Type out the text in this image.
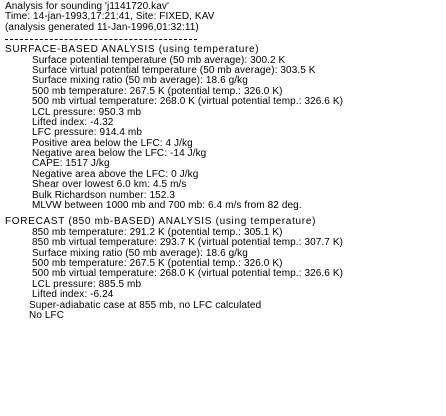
Analysis for sounding 'j1141720.kav'
Time: 14-jan-1993,17:21:41, Site: FIXED, KAV
(analysis generated 11-Jan-1996,01:32:11)
SURFACE-BASED ANALYSIS (using temperature)
Surface potential temperature (50 mb average): 300.2 K
Surface virtual potential temperature (50 mb average): 303.5 K
Surface mixing ratio (50 mb average): 18.6 g/kg
500 mb temperature: 267.5 K (potential temp.: 326.0 K)
500 mb virtual temperature: 268.0 K (virtual potential temp.: 326.6 K)
LCL pressure: 950.3 mb
Lifted index: -4.32
LFC pressure: 914.4 mb
Positive area below the LFC: 4 J/kg
Negative area below the LFC: -14 J/kg
CAPE: 1517 J/kg
Negative area above the LFC: 0 J/kg
Shear over lowest 6.0 km: 4.5 m/s
Bulk Richardson number: 152.3
MLVW between 1000 mb and 700 mb: 6.4 m/s from 82 deg.
FORECAST (850 mb-BASED) ANALYSIS (using temperature)
850 mb temperature: 291.2 K (potential temp.: 305.1 K)
850 mb virtual temperature: 293.7 K (virtual potential temp.: 307.7 K)
Surface mixing ratio (50 mb average): 18.6 g/kg
500 mb temperature: 267.5 K (potential temp.: 326.0 K)
500 mb virtual temperature: 268.0 K (virtual potential temp.: 326.6 K)
LCL pressure: 885.5 mb
Lifted index: -6.24
Super-adiabatic case at 855 mb, no LFC calculated
No LFC
